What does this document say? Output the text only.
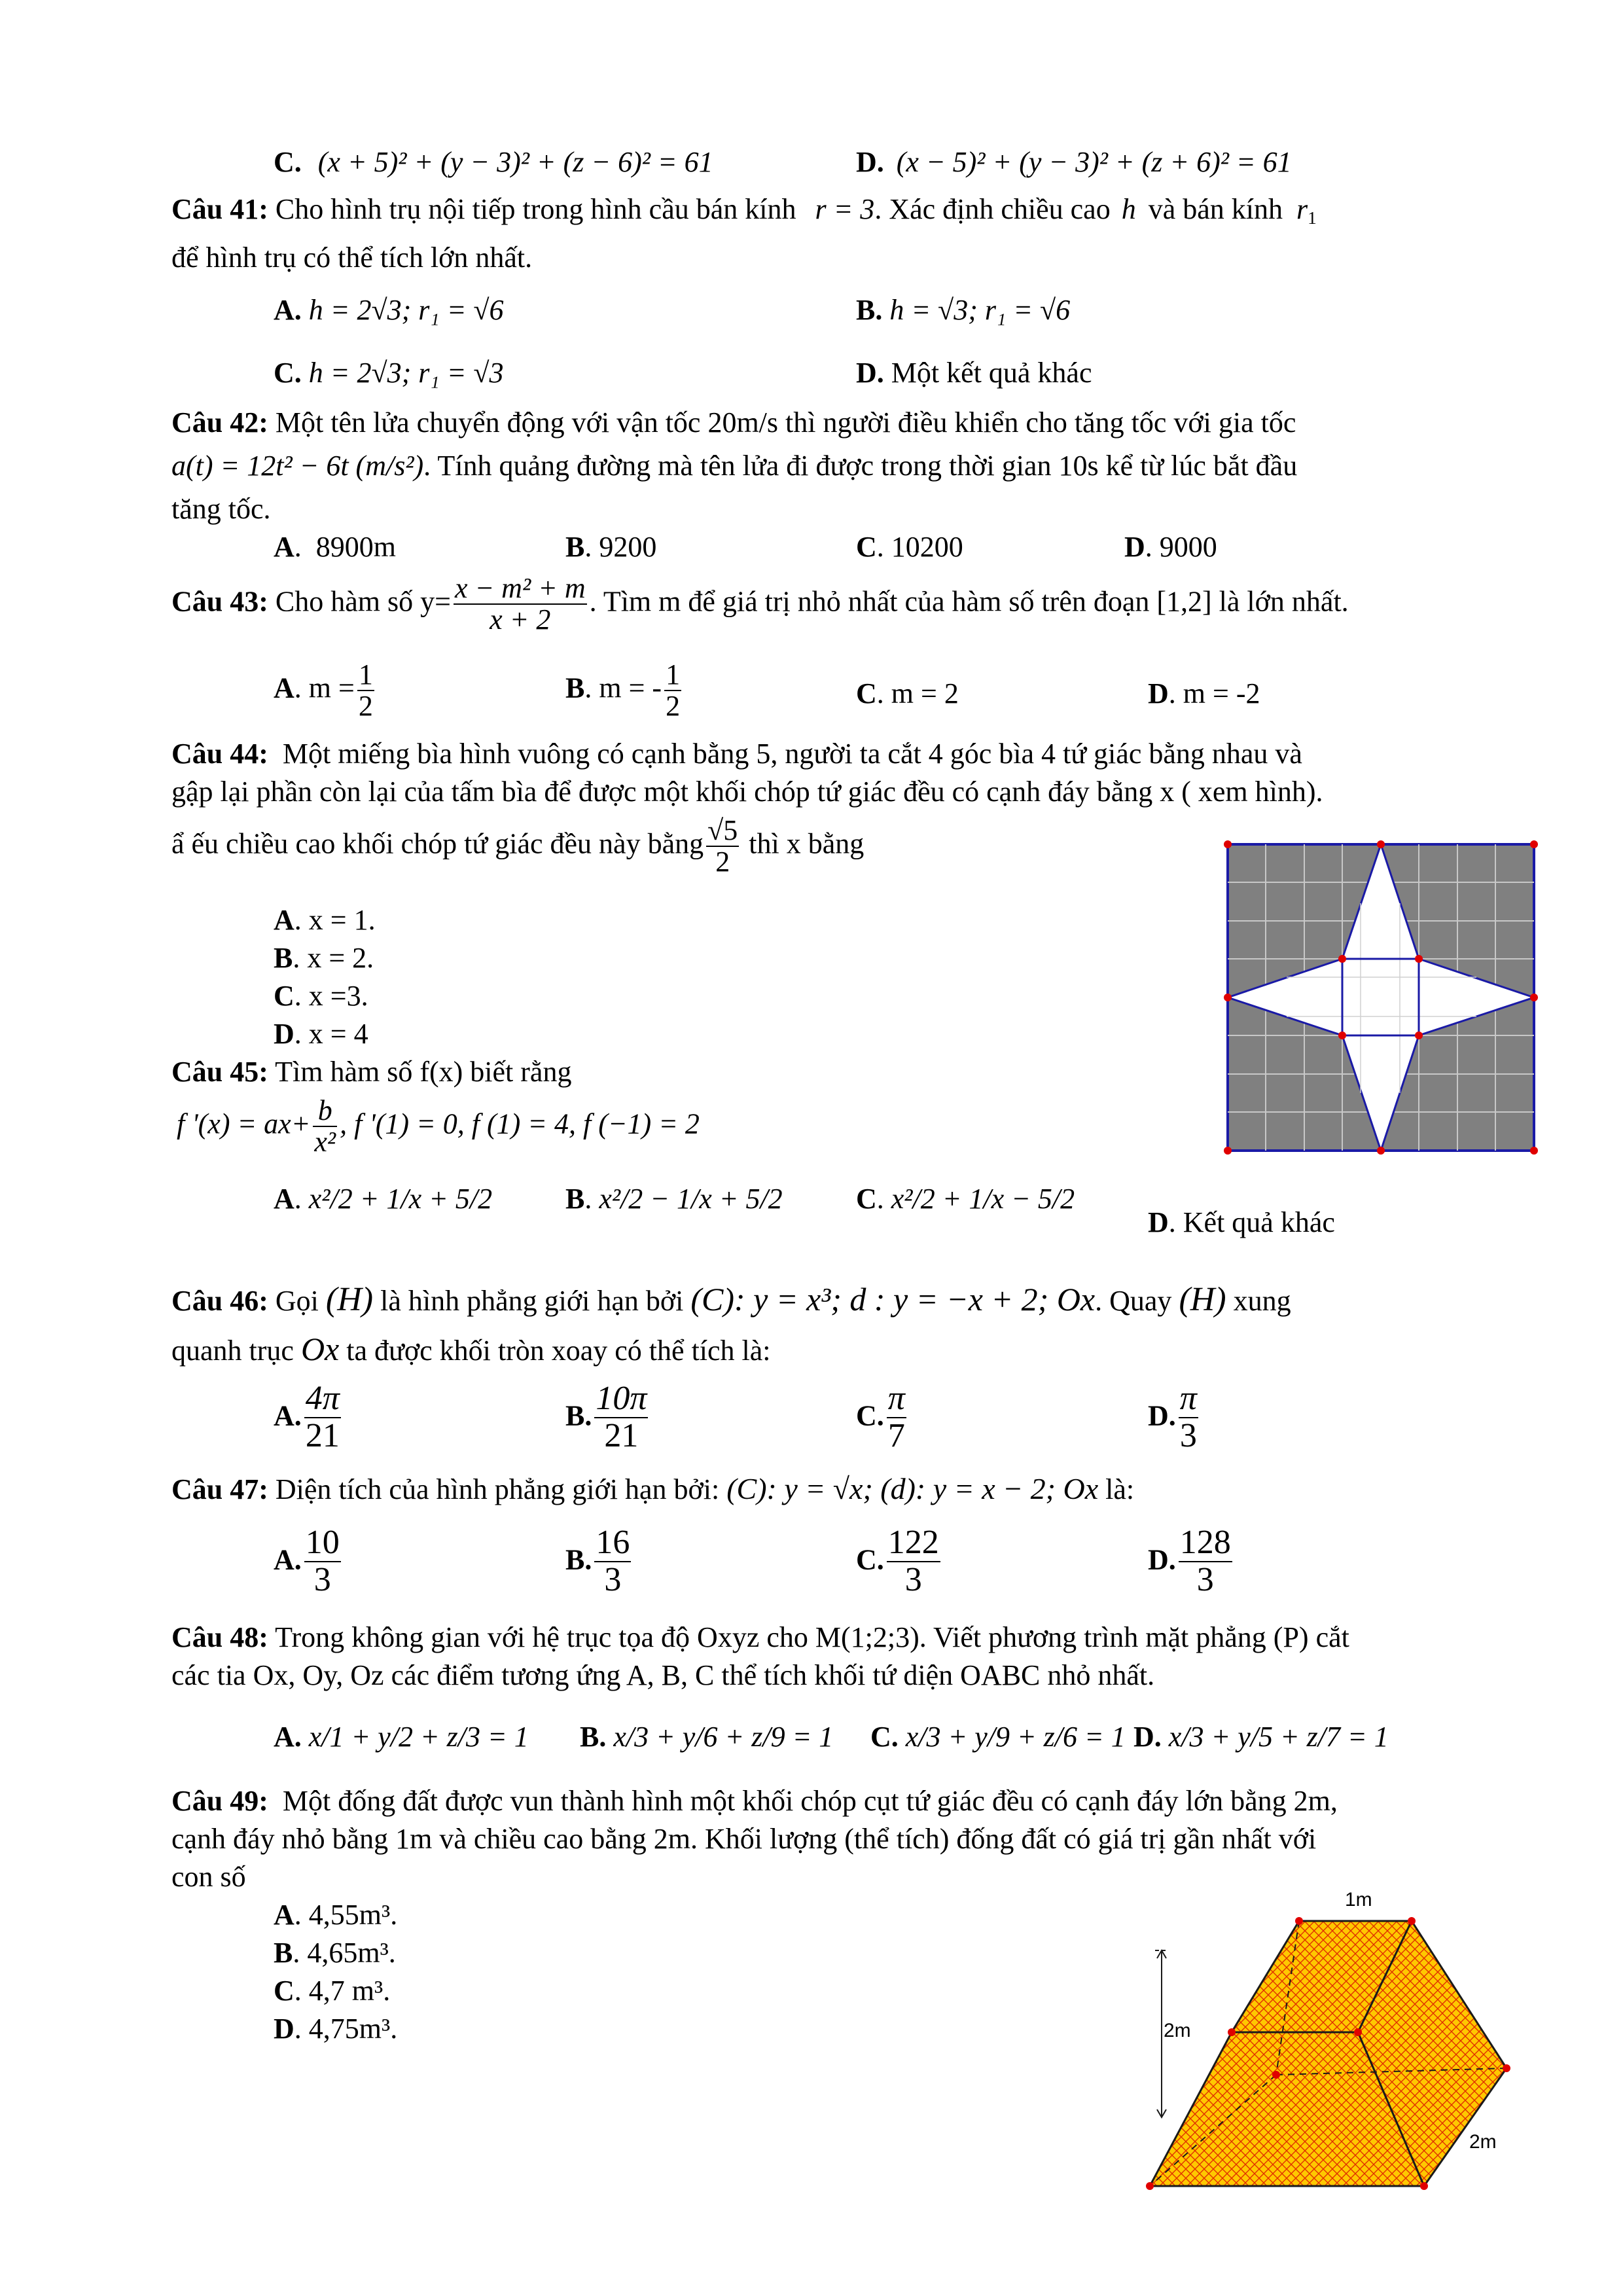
C. (x + 5)² + (y − 3)² + (z − 6)² = 61	D. (x − 5)² + (y − 3)² + (z + 6)² = 61
Câu 41: Cho hình trụ nội tiếp trong hình cầu bán kính r = 3. Xác định chiều cao h và bán kính $r_1$
để hình trụ có thể tích lớn nhất.
A. h = 2√3; r₁ = √6	B. h = √3; r₁ = √6
C. h = 2√3; r₁ = √3	D. Một kết quả khác
Câu 42: Một tên lửa chuyển động với vận tốc 20m/s thì người điều khiển cho tăng tốc với gia tốc
a(t) = 12t² − 6t (m/s²). Tính quảng đường mà tên lửa đi được trong thời gian 10s kể từ lúc bắt đầu
tăng tốc.
A.  8900m	B. 9200	C. 10200	D. 9000
Câu 43: Cho hàm số $y= \frac{\text{x − m² + m}}{x + 2}$ . Tìm m để giá trị nhỏ nhất của hàm số trên đoạn [1,2] là lớn nhất.
A. $m = \frac{1}{2}$	B. m = - $\frac{1}{2}$	C. m = 2	D. m = -2
Câu 44: Một miếng bìa hình vuông có cạnh bằng 5, người ta cắt 4 góc bìa 4 tứ giác bằng nhau và
gập lại phần còn lại của tấm bìa để được một khối chóp tứ giác đều có cạnh đáy bằng x ( xem hình).
ẩ ếu chiều cao khối chóp tứ giác đều này bằng $\frac{√5}{2}$ thì x bằng
A. x = 1.
B. x = 2.
C. x =3.
D. x = 4
Câu 45: Tìm hàm số f(x) biết rằng
f '$(x) = ax+ \frac{b}{\text{x²}}$ , f '(1) = 0, f (1) = 4, f (−1) = 2
A. x²/2 + 1/x + 5/2	B. x²/2 − 1/x + 5/2	C. x²/2 + 1/x − 5/2
D. Kết quả khác
Câu 46: Gọi (H) là hình phẳng giới hạn bởi (C): y = x³; d : y = −x + 2; Ox. Quay (H) xung
quanh trục Ox ta được khối tròn xoay có thể tích là:
A. $\frac{4\pi}{21}$	B. $\frac{10\pi}{21}$	C. $\frac{\pi}{7}$	D. $\frac{\pi}{3}$
Câu 47: Diện tích của hình phẳng giới hạn bởi: (C): y = √x; (d): y = x − 2; Ox là:
A. $\frac{10}{3}$	B. $\frac{16}{3}$	C. $\frac{122}{3}$	D. $\frac{128}{3}$
Câu 48: Trong không gian với hệ trục tọa độ Oxyz cho M(1;2;3). Viết phương trình mặt phẳng (P) cắt
các tia Ox, Oy, Oz các điểm tương ứng A, B, C thể tích khối tứ diện OABC nhỏ nhất.
A. x/1 + y/2 + z/3 = 1 B. x/3 + y/6 + z/9 = 1 C. x/3 + y/9 + z/6 = 1 D. x/3 + y/5 + z/7 = 1
Câu 49: Một đống đất được vun thành hình một khối chóp cụt tứ giác đều có cạnh đáy lớn bằng 2m,
cạnh đáy nhỏ bằng 1m và chiều cao bằng 2m. Khối lượng (thể tích) đống đất có giá trị gần nhất với
con số
A. 4,55m³.
B. 4,65m³.
C. 4,7 m³.
D. 4,75m³.
1m
2m
2m
